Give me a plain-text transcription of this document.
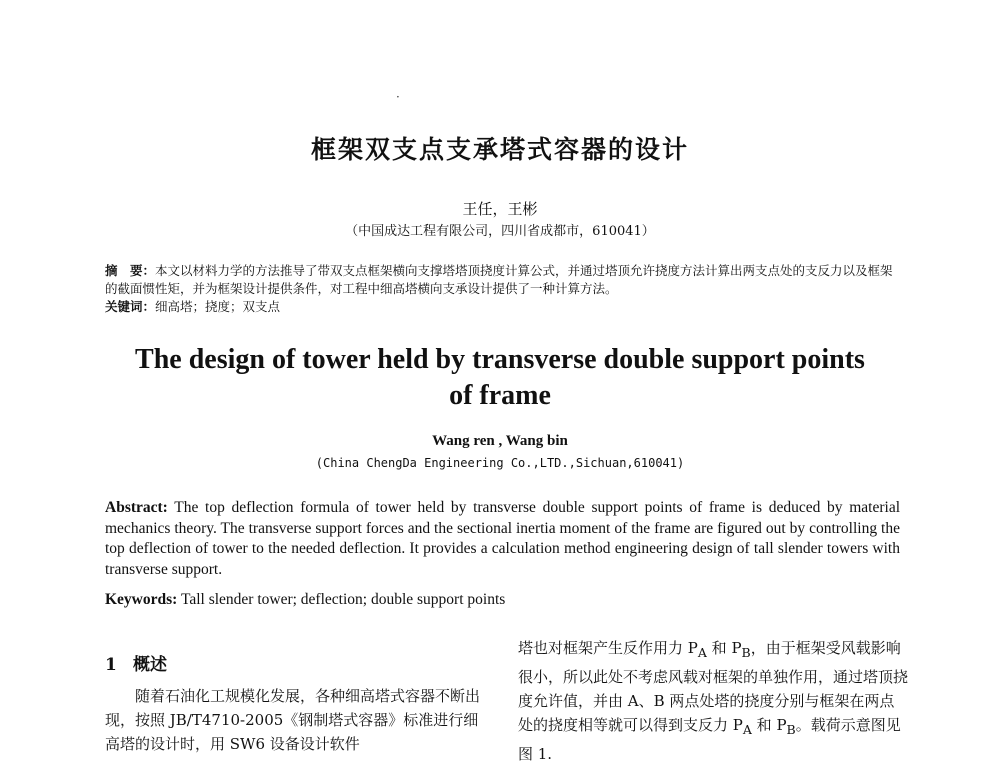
·
框架双支点支承塔式容器的设计
王任，王彬
（中国成达工程有限公司，四川省成都市，610041）
摘　要：本文以材料力学的方法推导了带双支点框架横向支撑塔塔顶挠度计算公式，并通过塔顶允许挠度方法计算出两支点处的支反力以及框架的截面惯性矩，并为框架设计提供条件，对工程中细高塔横向支承设计提供了一种计算方法。
关键词：细高塔；挠度；双支点
The design of tower held by transverse double support points of frame
Wang ren , Wang bin
(China ChengDa Engineering Co.,LTD.,Sichuan,610041)
Abstract: The top deflection formula of tower held by transverse double support points of frame is deduced by material mechanics theory. The transverse support forces and the sectional inertia moment of the frame are figured out by controlling the top deflection of tower to the needed deflection. It provides a calculation method engineering design of tall slender towers with transverse support.
Keywords: Tall slender tower; deflection; double support points
1 概述

随着石油化工规模化发展，各种细高塔式容器不断出现，按照 JB/T4710-2005《钢制塔式容器》标准进行细高塔的设计时，用 SW6 设备设计软件

塔也对框架产生反作用力 $P_A$ 和 $P_B$，由于框架受风载影响很小，所以此处不考虑风载对框架的单独作用，通过塔顶挠度允许值，并由 A、B 两点处塔的挠度分别与框架在两点处的挠度相等就可以得到支反力 $P_A$ 和 $P_B$。载荷示意图见图 1.
